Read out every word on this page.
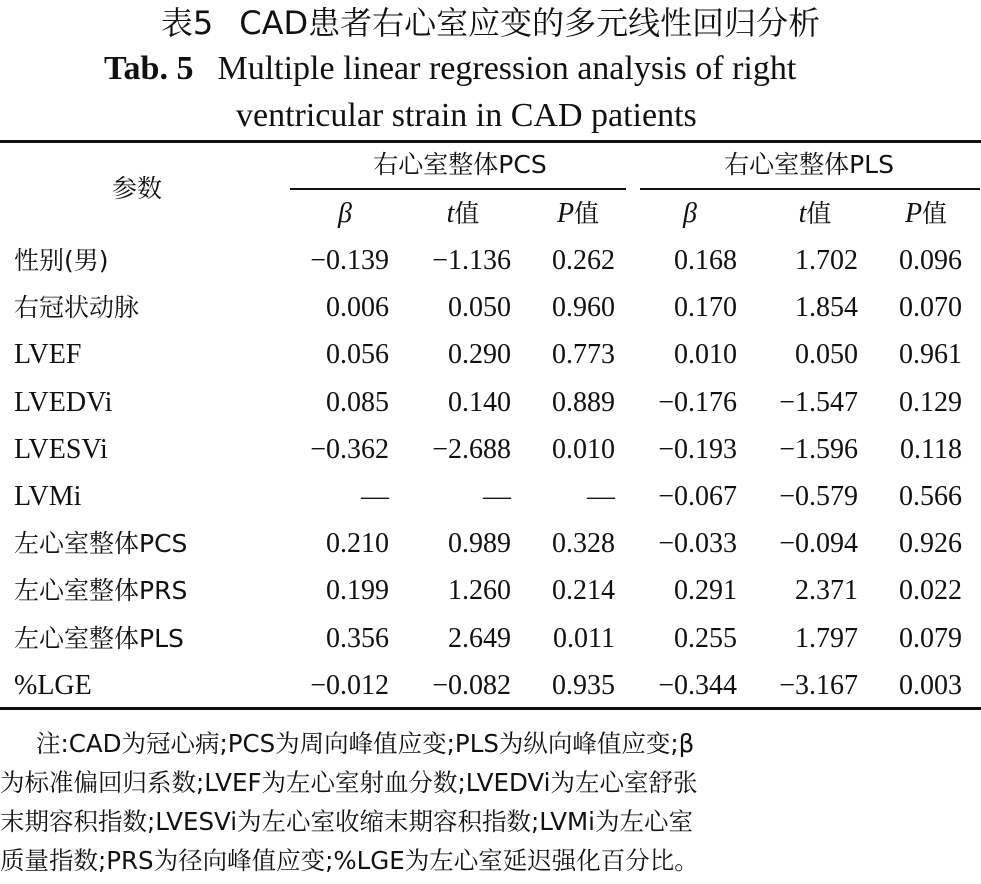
表5 CAD患者右心室应变的多元线性回归分析
Tab. 5 Multiple linear regression analysis of right
ventricular strain in CAD patients
参数
右心室整体PCS	右心室整体PLS
β	t值	P值	β	t值	P值
性别(男)	−0.139	−1.136	0.262	0.168	1.702	0.096
右冠状动脉	0.006	0.050	0.960	0.170	1.854	0.070
LVEF	0.056	0.290	0.773	0.010	0.050	0.961
LVEDVi	0.085	0.140	0.889	−0.176	−1.547	0.129
LVESVi	−0.362	−2.688	0.010	−0.193	−1.596	0.118
LVMi	—	—	—	−0.067	−0.579	0.566
左心室整体PCS	0.210	0.989	0.328	−0.033	−0.094	0.926
左心室整体PRS	0.199	1.260	0.214	0.291	2.371	0.022
左心室整体PLS	0.356	2.649	0.011	0.255	1.797	0.079
%LGE	−0.012	−0.082	0.935	−0.344	−3.167	0.003
注:CAD为冠心病;PCS为周向峰值应变;PLS为纵向峰值应变;β
为标准偏回归系数;LVEF为左心室射血分数;LVEDVi为左心室舒张
末期容积指数;LVESVi为左心室收缩末期容积指数;LVMi为左心室
质量指数;PRS为径向峰值应变;%LGE为左心室延迟强化百分比。
